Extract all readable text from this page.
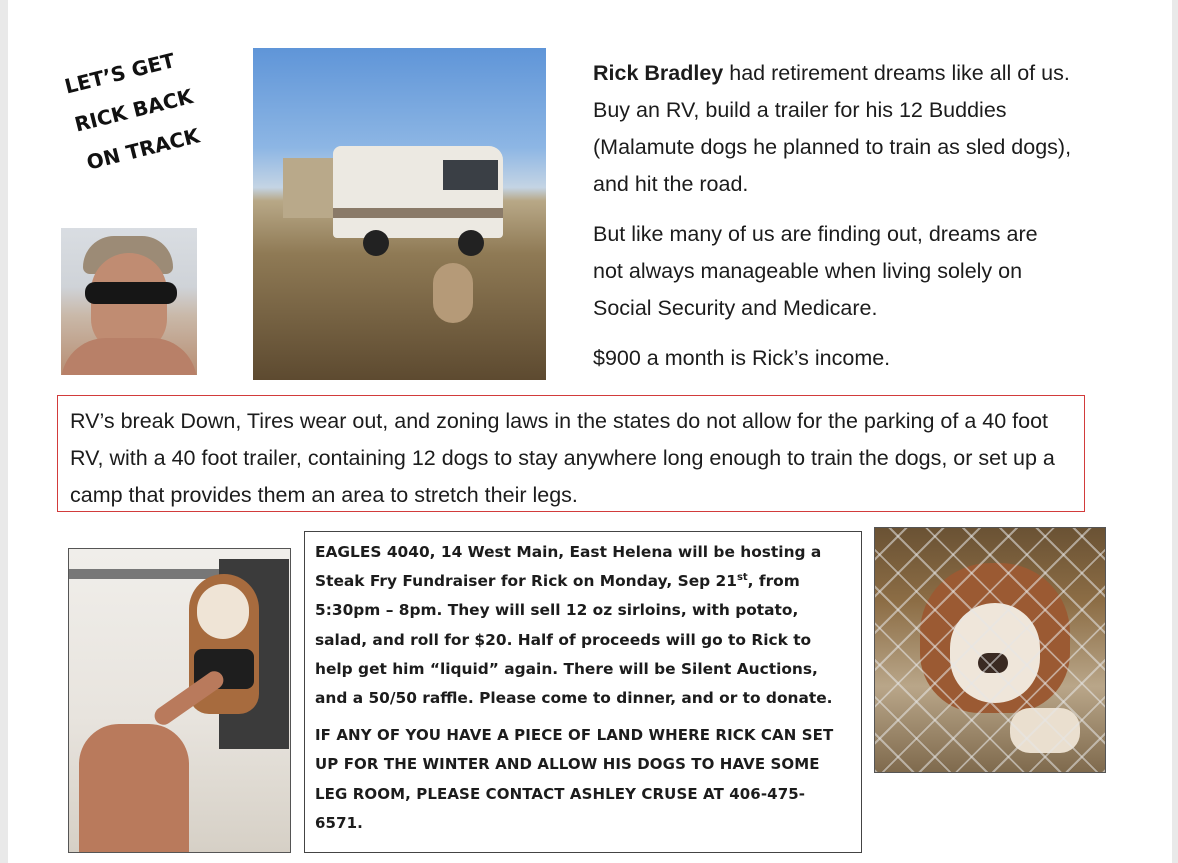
LET’S GET
RICK BACK
ON TRACK

Rick Bradley had retirement dreams like all of us. Buy an RV, build a trailer for his 12 Buddies (Malamute dogs he planned to train as sled dogs), and hit the road.

But like many of us are finding out, dreams are not always manageable when living solely on Social Security and Medicare.

$900 a month is Rick’s income.

RV’s break Down, Tires wear out, and zoning laws in the states do not allow for the parking of a 40 foot RV, with a 40 foot trailer, containing 12 dogs to stay anywhere long enough to train the dogs, or set up a camp that provides them an area to stretch their legs.

EAGLES 4040, 14 West Main, East Helena will be hosting a Steak Fry Fundraiser for Rick on Monday, Sep 21st, from 5:30pm – 8pm. They will sell 12 oz sirloins, with potato, salad, and roll for $20. Half of proceeds will go to Rick to help get him “liquid” again. There will be Silent Auctions, and a 50/50 raffle. Please come to dinner, and or to donate.

IF ANY OF YOU HAVE A PIECE OF LAND WHERE RICK CAN SET UP FOR THE WINTER AND ALLOW HIS DOGS TO HAVE SOME LEG ROOM, PLEASE CONTACT ASHLEY CRUSE AT 406-475-6571.
